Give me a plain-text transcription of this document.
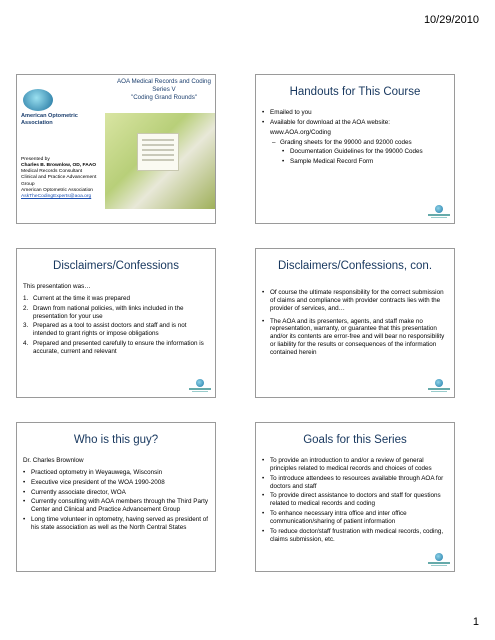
10/29/2010
American Optometric Association
AOA Medical Records and Coding
Series V
"Coding Grand Rounds"
Presented by
Charles B. Brownlow, OD, FAAO
Medical Records Consultant
Clinical and Practice Advancement Group
American Optometric Association
AskTheCodingExperts@aoa.org
Handouts for This Course
• Emailed to you
• Available for download at the AOA website:
www.AOA.org/Coding
– Grading sheets for the 99000 and 92000 codes
• Documentation Guidelines for the 99000 Codes
• Sample Medical Record Form
Disclaimers/Confessions
This presentation was…
1. Current at the time it was prepared
2. Drawn from national policies, with links included in the presentation for your use
3. Prepared as a tool to assist doctors and staff and is not intended to grant rights or impose obligations
4. Prepared and presented carefully to ensure the information is accurate, current and relevant
Disclaimers/Confessions, con.
• Of course the ultimate responsibility for the correct submission of claims and compliance with provider contracts lies with the provider of services, and…
• The AOA and its presenters, agents, and staff make no representation, warranty, or guarantee that this presentation and/or its contents are error-free and will bear no responsibility or liability for the results or consequences of the information contained herein
Who is this guy?
Dr. Charles Brownlow
• Practiced optometry in Weyauwega, Wisconsin
• Executive vice president of the WOA 1990-2008
• Currently associate director, WOA
• Currently consulting with AOA members through the Third Party Center and Clinical and Practice Advancement Group
• Long time volunteer in optometry, having served as president of his state association as well as the North Central States
Goals for this Series
• To provide an introduction to and/or a review of general principles related to medical records and choices of codes
• To introduce attendees to resources available through AOA for doctors and staff
• To provide direct assistance to doctors and staff for questions related to medical records and coding
• To enhance necessary intra office and inter office communication/sharing of patient information
• To reduce doctor/staff frustration with medical records, coding, claims submission, etc.
1
